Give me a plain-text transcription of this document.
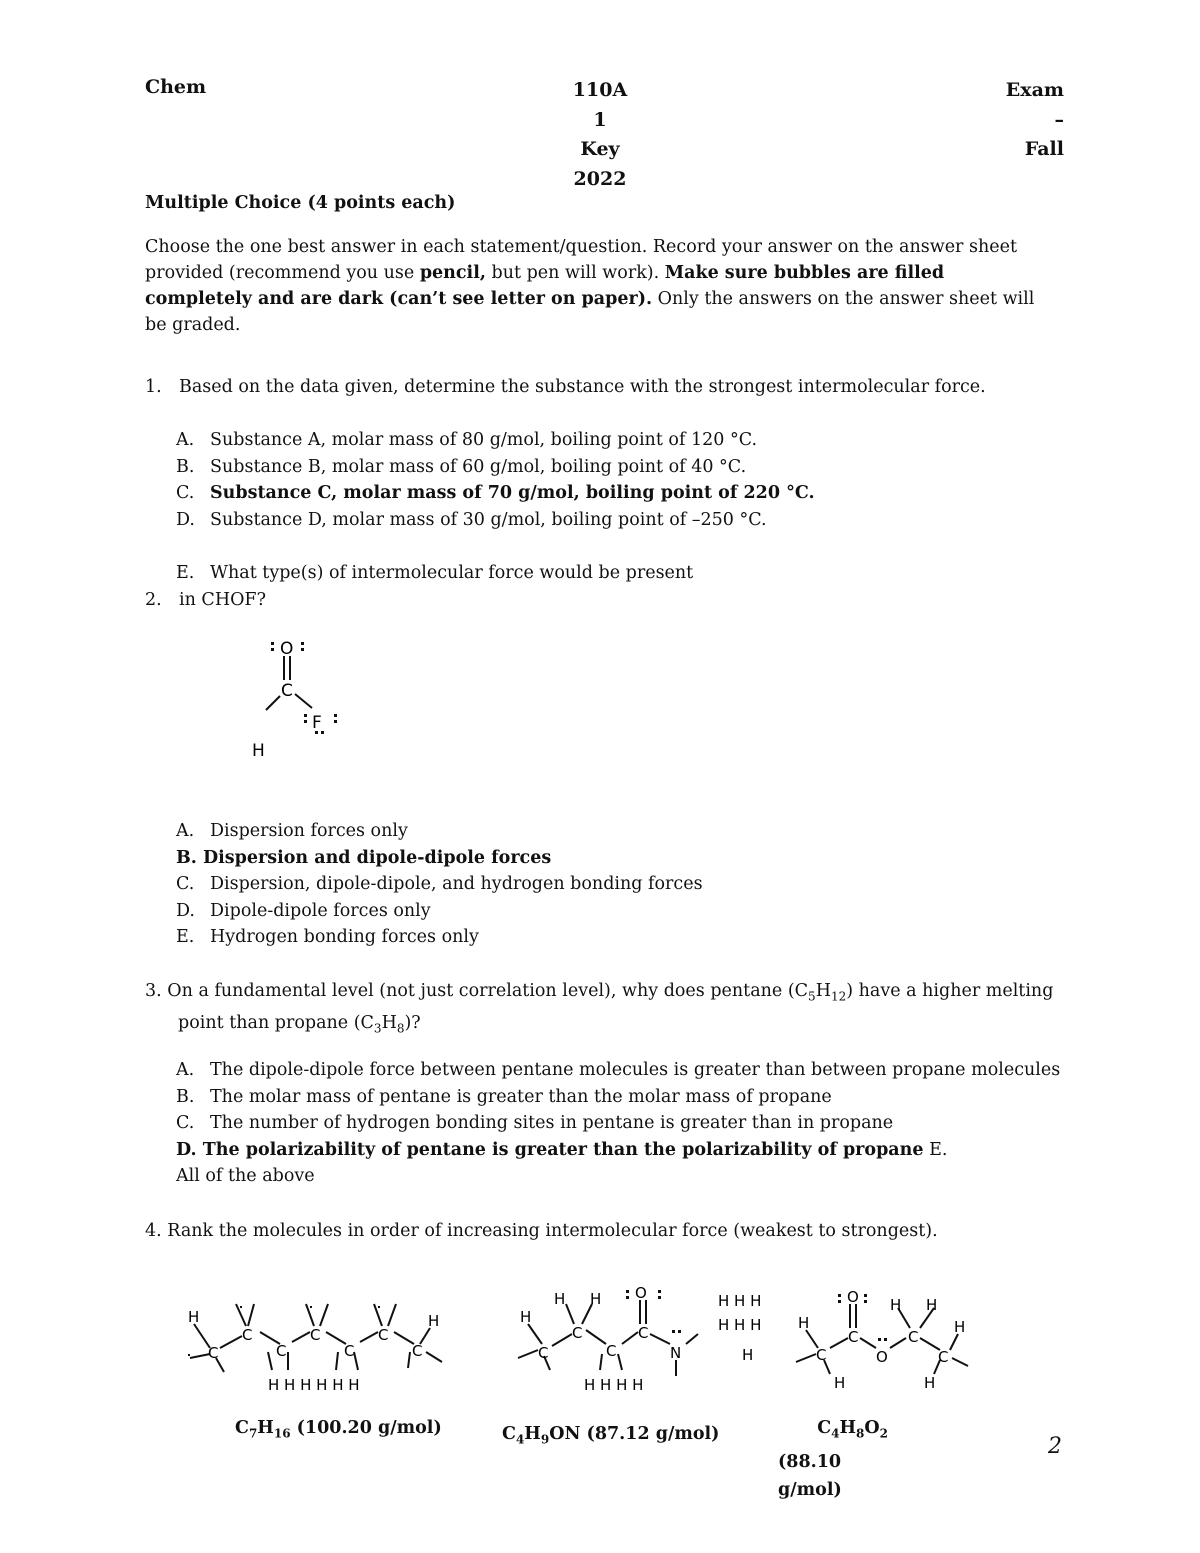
Chem	110A
1
Key
2022
Exam
–
Fall
Multiple Choice (4 points each)
Choose the one best answer in each statement/question. Record your answer on the answer sheet provided (recommend you use pencil, but pen will work). Make sure bubbles are filled completely and are dark (can’t see letter on paper). Only the answers on the answer sheet will be graded.
1. Based on the data given, determine the substance with the strongest intermolecular force.
A. Substance A, molar mass of 80 g/mol, boiling point of 120 °C.
B. Substance B, molar mass of 60 g/mol, boiling point of 40 °C.
C. Substance C, molar mass of 70 g/mol, boiling point of 220 °C.
D. Substance D, molar mass of 30 g/mol, boiling point of –250 °C.
E. What type(s) of intermolecular force would be present
2. in CHOF?
O
C
F
H
A. Dispersion forces only
B. Dispersion and dipole-dipole forces
C. Dispersion, dipole-dipole, and hydrogen bonding forces
D. Dipole-dipole forces only
E. Hydrogen bonding forces only
3. On a fundamental level (not just correlation level), why does pentane $(C_5H_{12})$ have a higher melting
point than propane $(C_3H_8)$?
A. The dipole-dipole force between pentane molecules is greater than between propane molecules
B. The molar mass of pentane is greater than the molar mass of propane
C. The number of hydrogen bonding sites in pentane is greater than in propane
D. The polarizability of pentane is greater than the polarizability of propane E.
All of the above
4. Rank the molecules in order of increasing intermolecular force (weakest to strongest).
H
C
C
C
C
C
C
C
H
H H H H H H
H
C
H H
C
C
O
C
N
H H H H
H H H
H H H
H
H
C
O
C
O
H H
C
C
H
H	H
$C_7H_{16}$ (100.20 g/mol)	$C_4H_9ON$ (87.12 g/mol)	$C_4H_8O_2(88.10$
g/mol)
2
